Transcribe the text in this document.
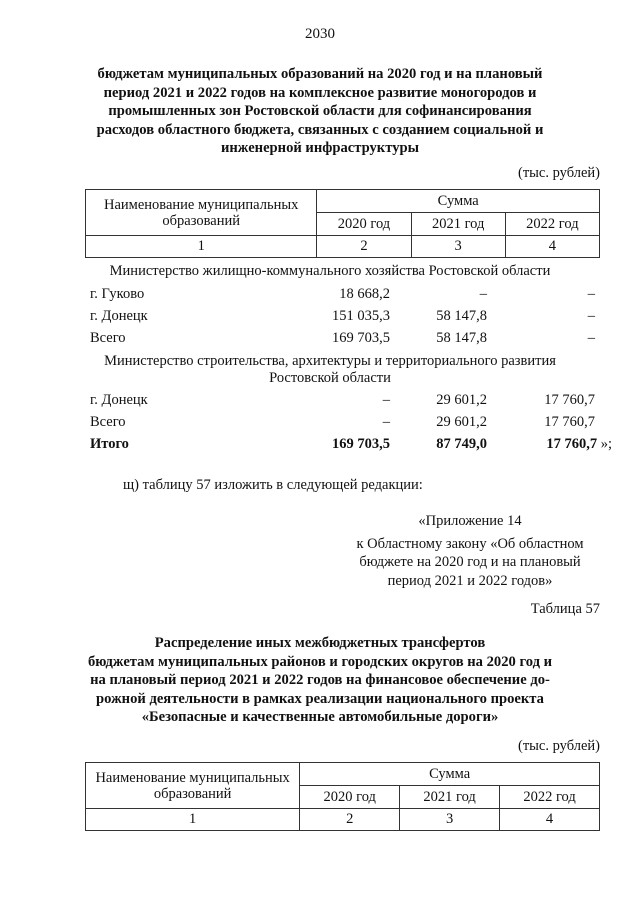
2030
бюджетам муниципальных образований на 2020 год и на плановый период 2021 и 2022 годов на комплексное развитие моногородов и промышленных зон Ростовской области для софинансирования расходов областного бюджета, связанных с созданием социальной и инженерной инфраструктуры
(тыс. рублей)
Наименование муниципальных образований	Сумма		
	2020 год	2021 год	2022 год
1	2	3	4
Министерство жилищно-коммунального хозяйства Ростовской области
г. Гуково	18 668,2	–	–
г. Донецк	151 035,3	58 147,8	–
Всего	169 703,5	58 147,8	–
Министерство строительства, архитектуры и территориального развития
Ростовской области
г. Донецк	–	29 601,2	17 760,7
Всего	–	29 601,2	17 760,7
Итого	169 703,5	87 749,0	17 760,7 »;
щ) таблицу 57 изложить в следующей редакции:
«Приложение 14
к Областному закону «Об областном
бюджете на 2020 год и на плановый
период 2021 и 2022 годов»
Таблица 57
Распределение иных межбюджетных трансфертов
бюджетам муниципальных районов и городских округов на 2020 год и
на плановый период 2021 и 2022 годов на финансовое обеспечение до-
рожной деятельности в рамках реализации национального проекта
«Безопасные и качественные автомобильные дороги»
(тыс. рублей)
Наименование муниципальных образований	Сумма		
	2020 год	2021 год	2022 год
1	2	3	4
